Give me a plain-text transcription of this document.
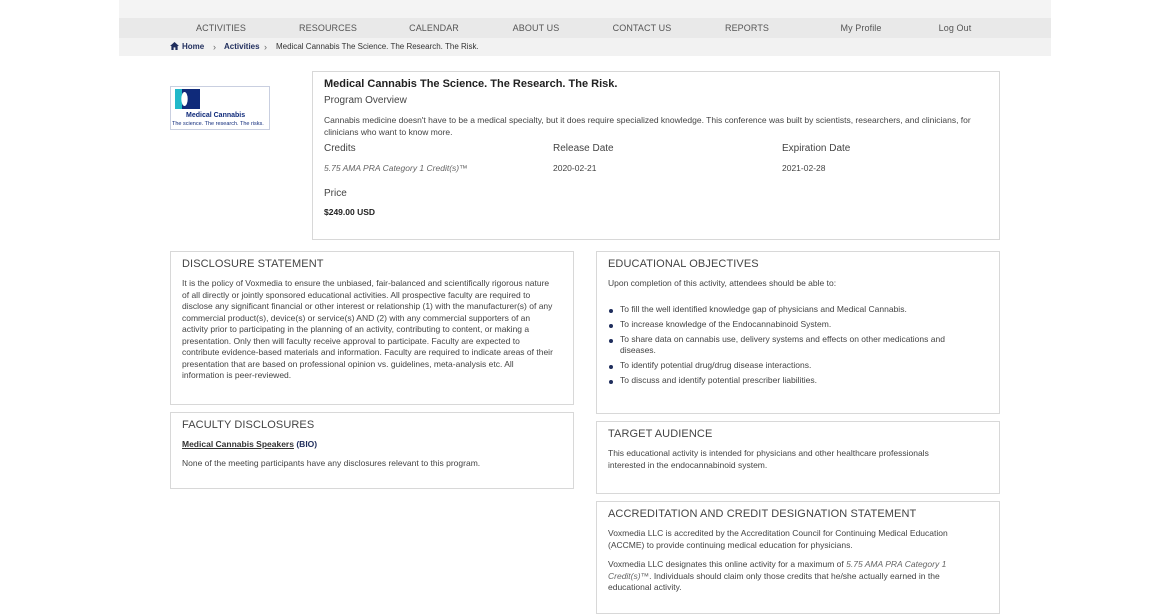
ACTIVITIES	RESOURCES	CALENDAR	ABOUT US	CONTACT US	REPORTS	My Profile	Log Out
Home › Activities › Medical Cannabis The Science. The Research. The Risk.
Medical Cannabis
The science. The research. The risks.
Medical Cannabis The Science. The Research. The Risk.
Program Overview
Cannabis medicine doesn't have to be a medical specialty, but it does require specialized knowledge. This conference was built by scientists, researchers, and clinicians, for clinicians who want to know more.
Credits	Release Date	Expiration Date
5.75 AMA PRA Category 1 Credit(s)™	2020-02-21	2021-02-28
Price
$249.00 USD
DISCLOSURE STATEMENT
It is the policy of Voxmedia to ensure the unbiased, fair-balanced and scientifically rigorous nature of all directly or jointly sponsored educational activities. All prospective faculty are required to disclose any significant financial or other interest or relationship (1) with the manufacturer(s) of any commercial product(s), device(s) or service(s) AND (2) with any commercial supporters of an activity prior to participating in the planning of an activity, contributing to content, or making a presentation. Only then will faculty receive approval to participate. Faculty are expected to contribute evidence-based materials and information. Faculty are required to indicate areas of their presentation that are based on professional opinion vs. guidelines, meta-analysis etc. All information is peer-reviewed.
FACULTY DISCLOSURES
Medical Cannabis Speakers (BIO)
None of the meeting participants have any disclosures relevant to this program.
EDUCATIONAL OBJECTIVES
Upon completion of this activity, attendees should be able to:
To fill the well identified knowledge gap of physicians and Medical Cannabis.
To increase knowledge of the Endocannabinoid System.
To share data on cannabis use, delivery systems and effects on other medications and diseases.
To identify potential drug/drug disease interactions.
To discuss and identify potential prescriber liabilities.
TARGET AUDIENCE
This educational activity is intended for physicians and other healthcare professionals interested in the endocannabinoid system.
ACCREDITATION AND CREDIT DESIGNATION STATEMENT
Voxmedia LLC is accredited by the Accreditation Council for Continuing Medical Education (ACCME) to provide continuing medical education for physicians.
Voxmedia LLC designates this online activity for a maximum of 5.75 AMA PRA Category 1 Credit(s)™. Individuals should claim only those credits that he/she actually earned in the educational activity.
